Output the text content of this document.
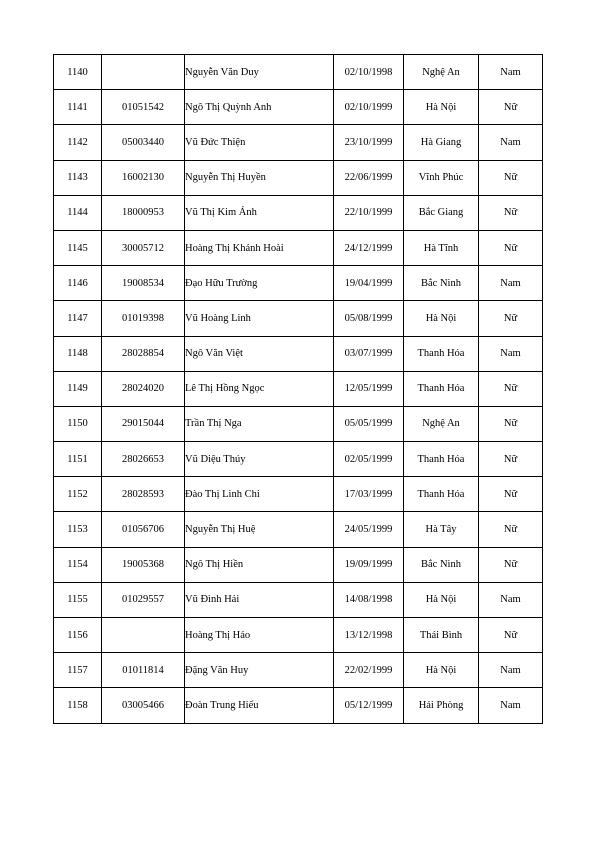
1140		Nguyễn Văn Duy	02/10/1998	Nghệ An	Nam
1141	01051542	Ngô Thị Quỳnh Anh	02/10/1999	Hà Nội	Nữ
1142	05003440	Vũ Đức Thiện	23/10/1999	Hà Giang	Nam
1143	16002130	Nguyễn Thị Huyền	22/06/1999	Vĩnh Phúc	Nữ
1144	18000953	Vũ Thị Kim Ánh	22/10/1999	Bắc Giang	Nữ
1145	30005712	Hoàng Thị Khánh Hoài	24/12/1999	Hà Tĩnh	Nữ
1146	19008534	Đạo Hữu Trường	19/04/1999	Bắc Ninh	Nam
1147	01019398	Vũ Hoàng Linh	05/08/1999	Hà Nội	Nữ
1148	28028854	Ngô Văn Việt	03/07/1999	Thanh Hóa	Nam
1149	28024020	Lê Thị Hồng Ngọc	12/05/1999	Thanh Hóa	Nữ
1150	29015044	Trần Thị Nga	05/05/1999	Nghệ An	Nữ
1151	28026653	Vũ Diệu Thúy	02/05/1999	Thanh Hóa	Nữ
1152	28028593	Đào Thị Linh Chi	17/03/1999	Thanh Hóa	Nữ
1153	01056706	Nguyễn Thị Huệ	24/05/1999	Hà Tây	Nữ
1154	19005368	Ngô Thị Hiền	19/09/1999	Bắc Ninh	Nữ
1155	01029557	Vũ Đình Hải	14/08/1998	Hà Nội	Nam
1156		Hoàng Thị Hảo	13/12/1998	Thái Bình	Nữ
1157	01011814	Đặng Văn Huy	22/02/1999	Hà Nội	Nam
1158	03005466	Đoàn Trung Hiếu	05/12/1999	Hải Phòng	Nam
